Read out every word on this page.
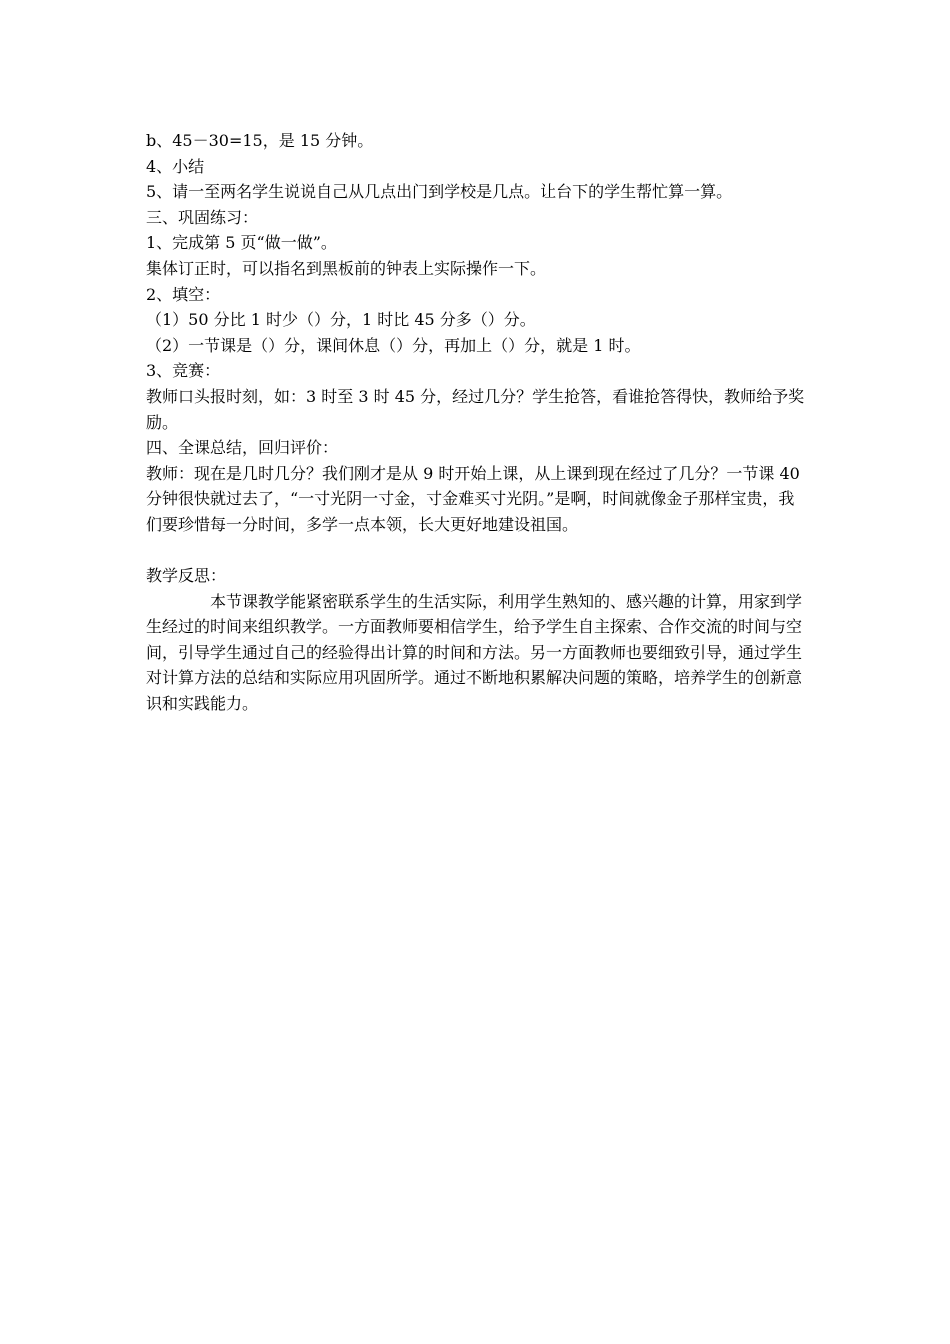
b、45－30=15，是 15 分钟。

4、小结

5、请一至两名学生说说自己从几点出门到学校是几点。让台下的学生帮忙算一算。

三、巩固练习：

1、完成第 5 页“做一做”。

集体订正时，可以指名到黑板前的钟表上实际操作一下。

2、填空：

（1）50 分比 1 时少（）分，1 时比 45 分多（）分。

（2）一节课是（）分，课间休息（）分，再加上（）分，就是 1 时。

3、竞赛：

教师口头报时刻，如：3 时至 3 时 45 分，经过几分？学生抢答，看谁抢答得快，教师给予奖励。

四、全课总结，回归评价：

教师：现在是几时几分？我们刚才是从 9 时开始上课，从上课到现在经过了几分？一节课 40 分钟很快就过去了，“一寸光阴一寸金，寸金难买寸光阴。”是啊，时间就像金子那样宝贵，我们要珍惜每一分时间，多学一点本领，长大更好地建设祖国。

教学反思：

本节课教学能紧密联系学生的生活实际，利用学生熟知的、感兴趣的计算，用家到学生经过的时间来组织教学。一方面教师要相信学生，给予学生自主探索、合作交流的时间与空间，引导学生通过自己的经验得出计算的时间和方法。另一方面教师也要细致引导，通过学生对计算方法的总结和实际应用巩固所学。通过不断地积累解决问题的策略，培养学生的创新意识和实践能力。
